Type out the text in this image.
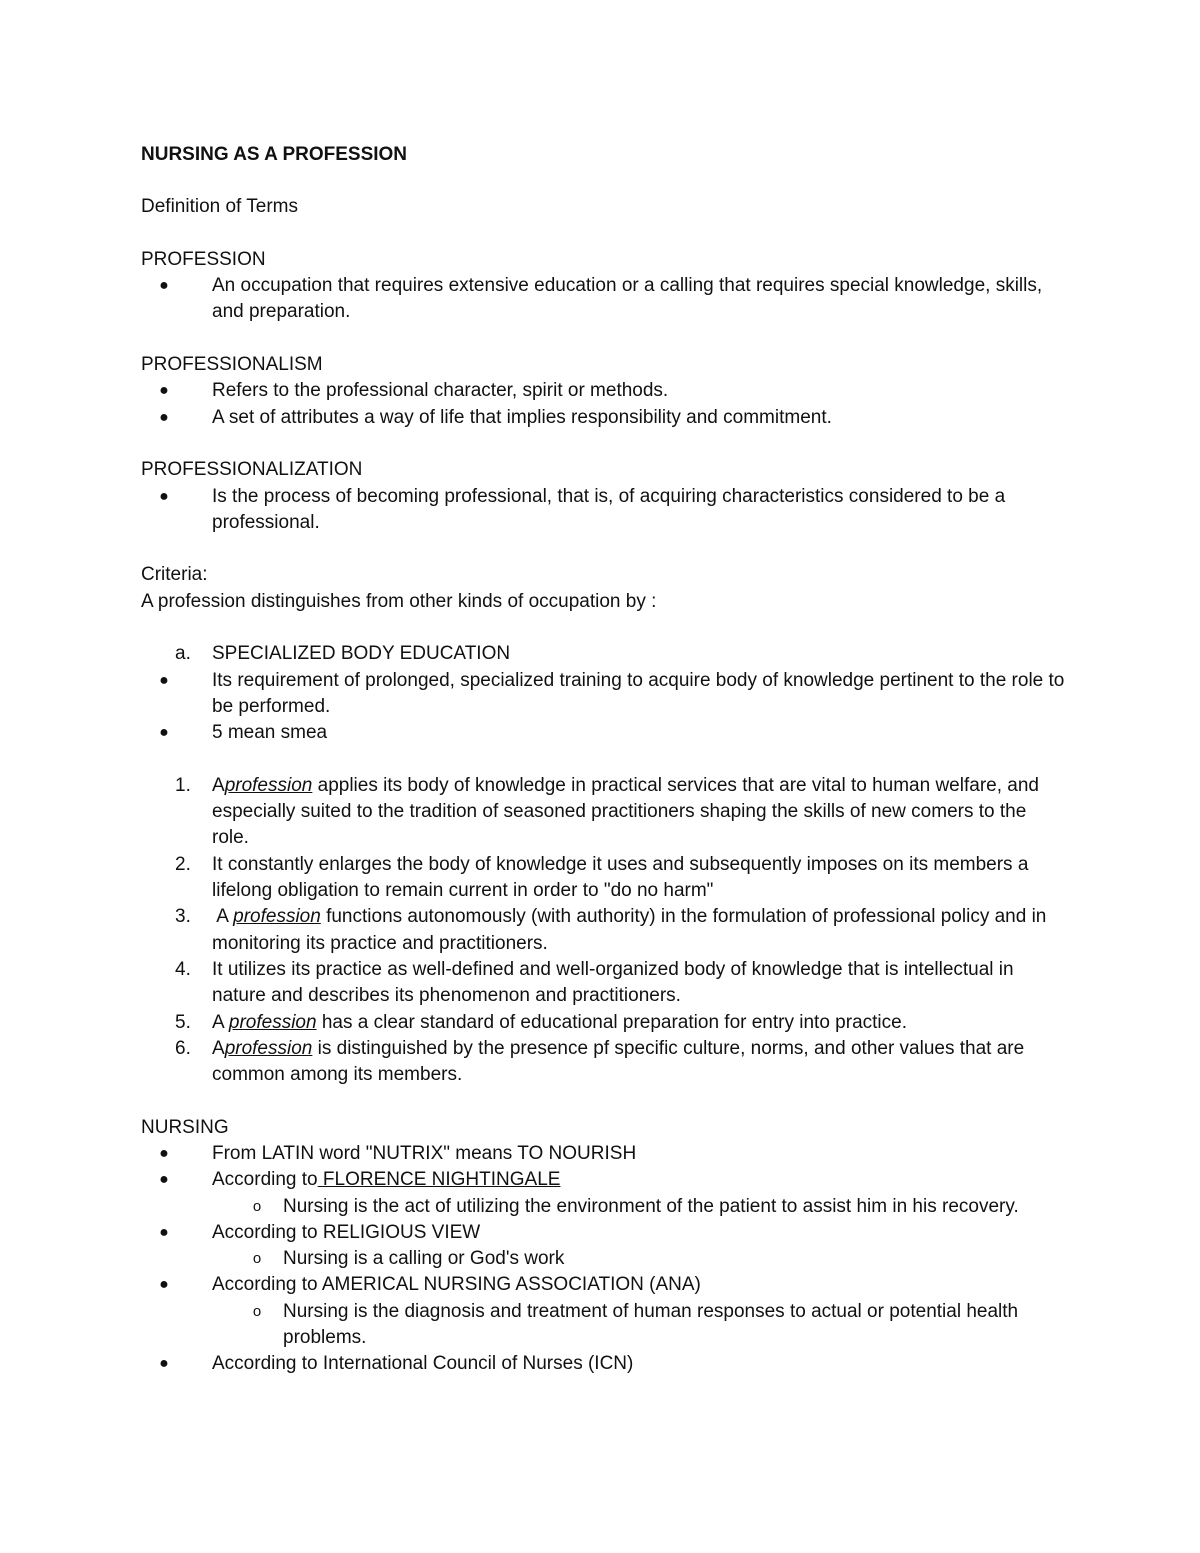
NURSING AS A PROFESSION

Definition of Terms

PROFESSION

●	An occupation that requires extensive education or a calling that requires special knowledge, skills, and preparation.

PROFESSIONALISM

●	Refers to the professional character, spirit or methods.
●	A set of attributes a way of life that implies responsibility and commitment.

PROFESSIONALIZATION

●	Is the process of becoming professional, that is, of acquiring characteristics considered to be a professional.

Criteria:

A profession distinguishes from other kinds of occupation by :

a.	SPECIALIZED BODY EDUCATION
●	Its requirement of prolonged, specialized training to acquire body of knowledge pertinent to the role to be performed.
●	5 mean smea
1.	Aprofession applies its body of knowledge in practical services that are vital to human welfare, and especially suited to the tradition of seasoned practitioners shaping the skills of new comers to the role.
2.	It constantly enlarges the body of knowledge it uses and subsequently imposes on its members a lifelong obligation to remain current in order to "do no harm"
3.	A profession functions autonomously (with authority) in the formulation of professional policy and in monitoring its practice and practitioners.
4.	It utilizes its practice as well-defined and well-organized body of knowledge that is intellectual in nature and describes its phenomenon and practitioners.
5.	A profession has a clear standard of educational preparation for entry into practice.
6.	Aprofession is distinguished by the presence pf specific culture, norms, and other values that are common among its members.

NURSING

●	From LATIN word "NUTRIX" means TO NOURISH
●	According to FLORENCE NIGHTINGALE
o	Nursing is the act of utilizing the environment of the patient to assist him in his recovery.
●	According to RELIGIOUS VIEW
o	Nursing is a calling or God's work
●	According to AMERICAL NURSING ASSOCIATION (ANA)
o	Nursing is the diagnosis and treatment of human responses to actual or potential health problems.
●	According to International Council of Nurses (ICN)
